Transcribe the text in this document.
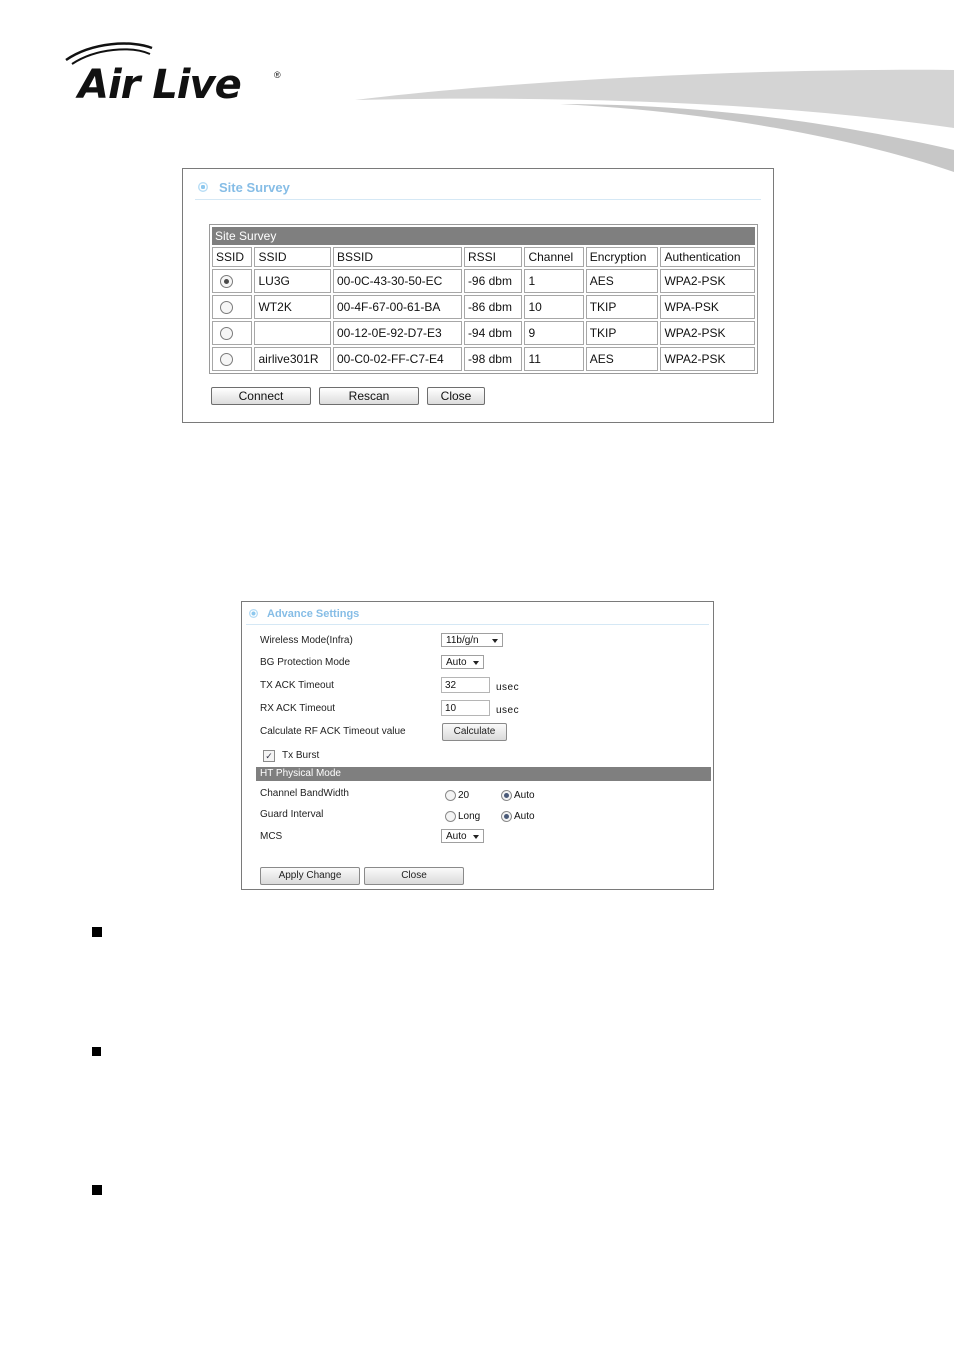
Air Live	®
Site Survey
Site Survey						
SSID	SSID	BSSID	RSSI	Channel	Encryption	Authentication
	LU3G	00-0C-43-30-50-EC	-96 dbm	1	AES	WPA2-PSK
	WT2K	00-4F-67-00-61-BA	-86 dbm	10	TKIP	WPA-PSK
		00-12-0E-92-D7-E3	-94 dbm	9	TKIP	WPA2-PSK
	airlive301R	00-C0-02-FF-C7-E4	-98 dbm	11	AES	WPA2-PSK
Connect	Rescan	Close
Advance Settings
Wireless Mode(Infra)	11b/g/n
BG Protection Mode	Auto
TX ACK Timeout	32	usec
RX ACK Timeout	10	usec
Calculate RF ACK Timeout value	Calculate
✓ Tx Burst
HT Physical Mode
Channel BandWidth	20	Auto
Guard Interval	Long	Auto
MCS	Auto
Apply Change	Close
